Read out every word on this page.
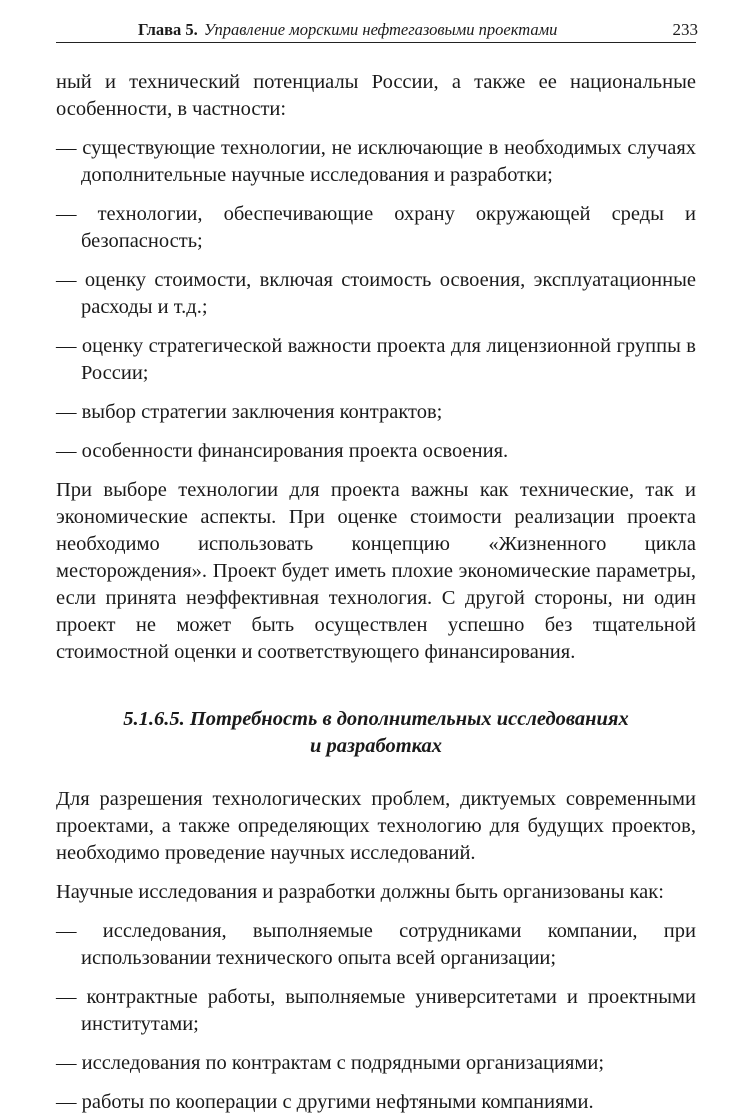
Глава 5. Управление морскими нефтегазовыми проектами	233

ный и технический потенциалы России, а также ее национальные особенности, в частности:

— существующие технологии, не исключающие в необходимых случаях дополнительные научные исследования и разработки;

— технологии, обеспечивающие охрану окружающей среды и безопасность;

— оценку стоимости, включая стоимость освоения, эксплуатационные расходы и т.д.;

— оценку стратегической важности проекта для лицензионной группы в России;

— выбор стратегии заключения контрактов;

— особенности финансирования проекта освоения.

При выборе технологии для проекта важны как технические, так и экономические аспекты. При оценке стоимости реализации проекта необходимо использовать концепцию «Жизненного цикла месторождения». Проект будет иметь плохие экономические параметры, если принята неэффективная технология. С другой стороны, ни один проект не может быть осуществлен успешно без тщательной стоимостной оценки и соответствующего финансирования.

5.1.6.5. Потребность в дополнительных исследованиях
и разработках

Для разрешения технологических проблем, диктуемых современными проектами, а также определяющих технологию для будущих проектов, необходимо проведение научных исследований.

Научные исследования и разработки должны быть организованы как:

— исследования, выполняемые сотрудниками компании, при использовании технического опыта всей организации;

— контрактные работы, выполняемые университетами и проектными институтами;

— исследования по контрактам с подрядными организациями;

— работы по кооперации с другими нефтяными компаниями.
